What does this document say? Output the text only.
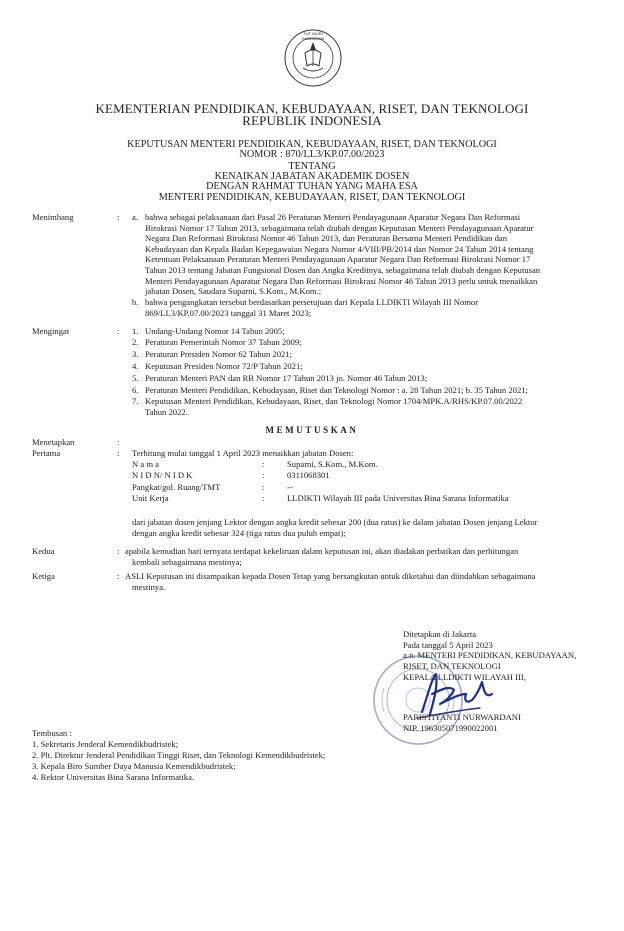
TUT WURI HANDAYANI
KEMENTERIAN PENDIDIKAN, KEBUDAYAAN, RISET, DAN TEKNOLOGI
REPUBLIK INDONESIA
KEPUTUSAN MENTERI PENDIDIKAN, KEBUDAYAAN, RISET, DAN TEKNOLOGI
NOMOR : 870/LL3/KP.07.00/2023
TENTANG
KENAIKAN JABATAN AKADEMIK DOSEN
DENGAN RAHMAT TUHAN YANG MAHA ESA
MENTERI PENDIDIKAN, KEBUDAYAAN, RISET, DAN TEKNOLOGI
Menimbang	: a. bahwa sebagai pelaksanaan dari Pasal 26 Peraturan Menteri Pendayagunaan Aparatur Negara Dan Reformasi
Birokrasi Nomor 17 Tahun 2013, sebagaimana telah diubah dengan Keputusan Menteri Pendayagunaan Aparatur
Negara Dan Reformasi Birokrasi Nomor 46 Tahun 2013, dan Peraturan Bersama Menteri Pendidikan dan
Kebudayaan dan Kepala Badan Kepegawaian Negara Nomor 4/VIII/PB/2014 dan Nomor 24 Tahun 2014 tentang
Ketentuan Pelaksanaan Peraturan Menteri Pendayagunaan Aparatur Negara Dan Reformasi Birokrasi Nomor 17
Tahun 2013 tentang Jabatan Fungsional Dosen dan Angka Kreditnya, sebagaimana telah diubah dengan Keputusan
Menteri Pendayagunaan Aparatur Negara Dan Reformasi Birokrasi Nomor 46 Tahun 2013 perlu untuk menaikkan
jabatan Dosen, Saudara Suparni, S.Kom., M.Kom.;
b. bahwa pengangkatan tersebut berdasarkan persetujuan dari Kepala LLDIKTI Wilayah III Nomor
869/LL3/KP.07.00/2023 tanggal 31 Maret 2023;
Mengingat	: 1. Undang-Undang Nomor 14 Tahun 2005;
2. Peraturan Pemerintah Nomor 37 Tahun 2009;
3. Peraturan Presiden Nomor 62 Tahun 2021;
4. Keputusan Presiden Nomor 72/P Tahun 2021;
5. Peraturan Menteri PAN dan RB Nomor 17 Tahun 2013 jo. Nomor 46 Tahun 2013;
6. Peraturan Menteri Pendidikan, Kebudayaan, Riset dan Teknologi Nomor : a. 28 Tahun 2021; b. 35 Tahun 2021;
7. Keputusan Menteri Pendidikan, Kebudayaan, Riset, dan Teknologi Nomor 1704/MPK.A/RHS/KP.07.00/2022
Tahun 2022.
MEMUTUSKAN
Menetapkan	:
Pertama	: Terhitung mulai tanggal 1 April 2023 menaikkan jabatan Dosen:
N a m a	:	Suparni, S.Kom., M.Kom.
N I D N/ N I D K	:	0311068301
Pangkat/gol. Ruang/TMT	:	--
Unit Kerja	:	LLDIKTI Wilayah III pada Universitas Bina Sarana Informatika
dari jabatan dosen jenjang Lektor dengan angka kredit sebesar 200 (dua ratus) ke dalam jabatan Dosen jenjang Lektor
dengan angka kredit sebesar 324 (tiga ratus dua puluh empat);
Kedua	: apabila kemudian hari ternyata terdapat kekeliruan dalam keputusan ini, akan diadakan perbaikan dan perhitungan
kembali sebagaimana mestinya;
Ketiga	: ASLI Keputusan ini disampaikan kepada Dosen Tetap yang bersangkutan untuk diketahui dan diindahkan sebagaimana
mestinya.
Ditetapkan di Jakarta
Pada tanggal 5 April 2023
a.n. MENTERI PENDIDIKAN, KEBUDAYAAN,
RISET, DAN TEKNOLOGI
KEPALA LLDIKTI WILAYAH III,
PARISTIYANTI NURWARDANI
NIP. 196305071990022001
Tembusan :
1. Sekretaris Jenderal Kemendikbudristek;
2. Plt. Direktur Jenderal Pendidikan Tinggi Riset, dan Teknologi Kemendikbudristek;
3. Kepala Biro Sumber Daya Manusia Kemendikbudristek;
4. Rektor Universitas Bina Sarana Informatika.
